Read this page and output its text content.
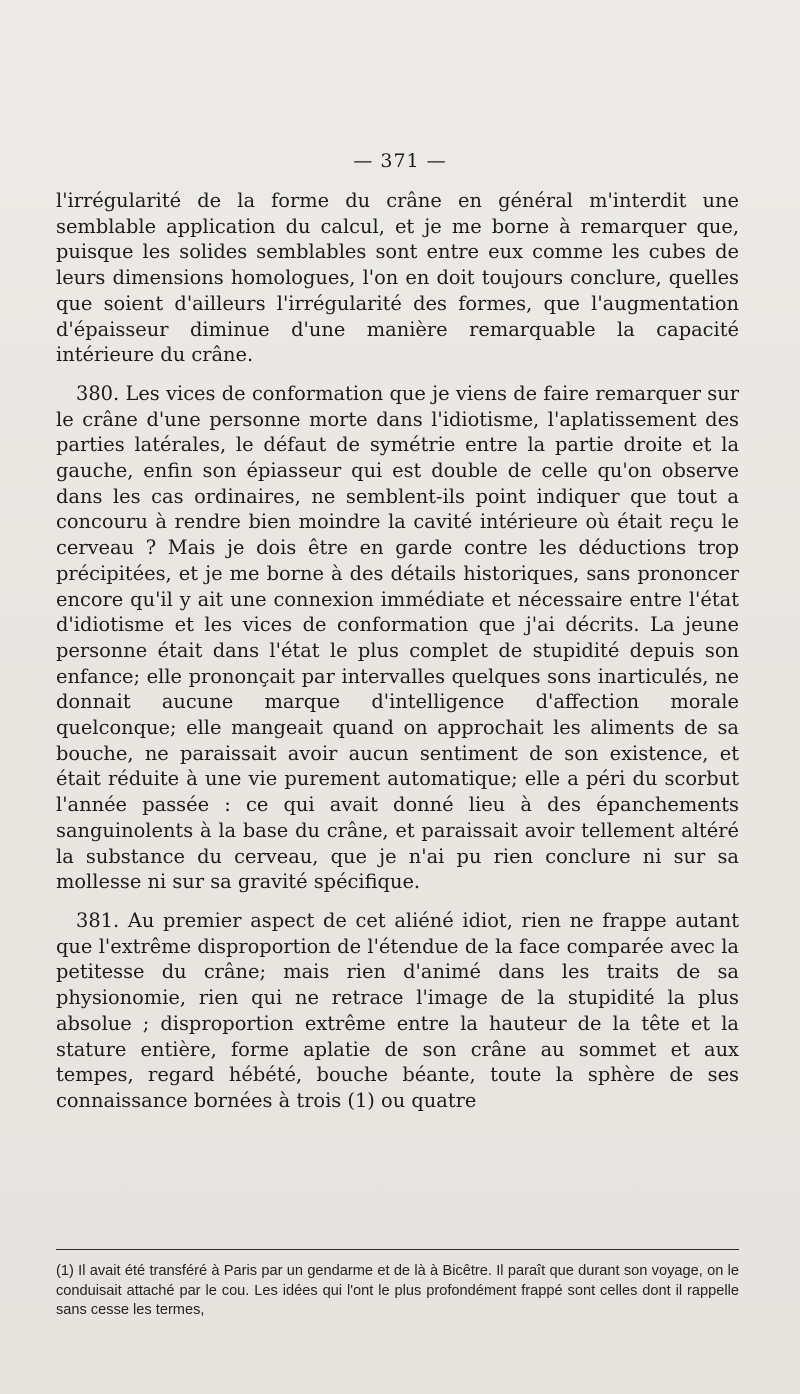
— 371 —

l'irrégularité de la forme du crâne en général m'interdit une semblable application du calcul, et je me borne à remarquer que, puisque les solides semblables sont entre eux comme les cubes de leurs dimensions homologues, l'on en doit toujours conclure, quelles que soient d'ailleurs l'irrégularité des formes, que l'augmentation d'épaisseur diminue d'une manière remarquable la capacité intérieure du crâne.

380. Les vices de conformation que je viens de faire remarquer sur le crâne d'une personne morte dans l'idiotisme, l'aplatissement des parties latérales, le défaut de symétrie entre la partie droite et la gauche, enfin son épiasseur qui est double de celle qu'on observe dans les cas ordinaires, ne semblent-ils point indiquer que tout a concouru à rendre bien moindre la cavité intérieure où était reçu le cerveau ? Mais je dois être en garde contre les déductions trop précipitées, et je me borne à des détails historiques, sans prononcer encore qu'il y ait une connexion immédiate et nécessaire entre l'état d'idiotisme et les vices de conformation que j'ai décrits. La jeune personne était dans l'état le plus complet de stupidité depuis son enfance; elle prononçait par intervalles quelques sons inarticulés, ne donnait aucune marque d'intelligence d'affection morale quelconque; elle mangeait quand on approchait les aliments de sa bouche, ne paraissait avoir aucun sentiment de son existence, et était réduite à une vie purement automatique; elle a péri du scorbut l'année passée : ce qui avait donné lieu à des épanchements sanguinolents à la base du crâne, et paraissait avoir tellement altéré la substance du cerveau, que je n'ai pu rien conclure ni sur sa mollesse ni sur sa gravité spécifique.

381. Au premier aspect de cet aliéné idiot, rien ne frappe autant que l'extrême disproportion de l'étendue de la face comparée avec la petitesse du crâne; mais rien d'animé dans les traits de sa physionomie, rien qui ne retrace l'image de la stupidité la plus absolue ; disproportion extrême entre la hauteur de la tête et la stature entière, forme aplatie de son crâne au sommet et aux tempes, regard hébété, bouche béante, toute la sphère de ses connaissance bornées à trois (1) ou quatre

(1) Il avait été transféré à Paris par un gendarme et de là à Bicêtre. Il paraît que durant son voyage, on le conduisait attaché par le cou. Les idées qui l'ont le plus profondément frappé sont celles dont il rappelle sans cesse les termes,
